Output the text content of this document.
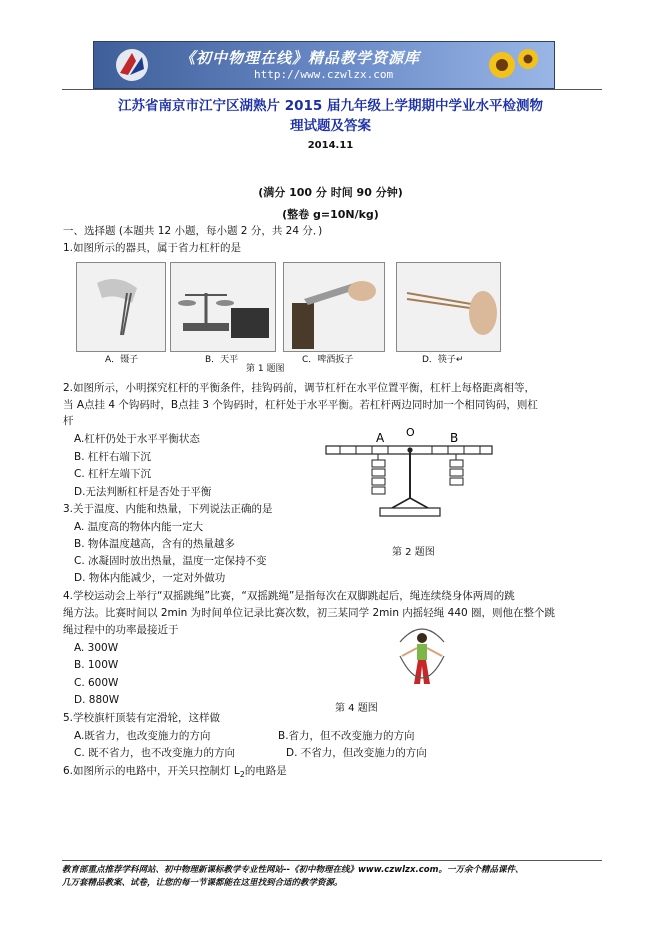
《初中物理在线》精品教学资源库
http://www.czwlzx.com
江苏省南京市江宁区湖熟片 2015 届九年级上学期期中学业水平检测物
理试题及答案
2014.11
(满分 100 分 时间 90 分钟)
(整卷 g=10N/kg)
一、选择题 (本题共 12 小题，每小题 2 分，共 24 分．)
1.如图所示的器具，属于省力杠杆的是
A．镊子	B．天平	C．啤酒扳子	D．筷子↵
第 1 题图
2.如图所示，小明探究杠杆的平衡条件，挂钩码前，调节杠杆在水平位置平衡，杠杆上每格距离相等，
当 A点挂 4 个钩码时，B点挂 3 个钩码时，杠杆处于水平平衡。若杠杆两边同时加一个相同钩码，则杠
杆
A.杠杆仍处于水平平衡状态
B. 杠杆右端下沉
C. 杠杆左端下沉
D.无法判断杠杆是否处于平衡
A O	B
第 2 题图
3.关于温度、内能和热量，下列说法正确的是
A. 温度高的物体内能一定大
B. 物体温度越高，含有的热量越多
C. 冰凝固时放出热量，温度一定保持不变
D. 物体内能减少，一定对外做功
4.学校运动会上举行“双摇跳绳”比赛，“双摇跳绳”是指每次在双脚跳起后，绳连续绕身体两周的跳
绳方法。比赛时间以 2min 为时间单位记录比赛次数，初三某同学 2min 内摇轻绳 440 圈，则他在整个跳
绳过程中的功率最接近于
A. 300W
B. 100W
C. 600W
D. 880W
第 4 题图
5.学校旗杆顶装有定滑轮，这样做
A.既省力，也改变施力的方向	B.省力，但不改变施力的方向
C. 既不省力，也不改变施力的方向	D. 不省力，但改变施力的方向
6.如图所示的电路中，开关只控制灯 $L_2$的电路是
教育部重点推荐学科网站、初中物理新课标教学专业性网站--《初中物理在线》www.czwlzx.com。一万余个精品课件、
几万套精品教案、试卷，让您的每一节课都能在这里找到合适的教学资源。
